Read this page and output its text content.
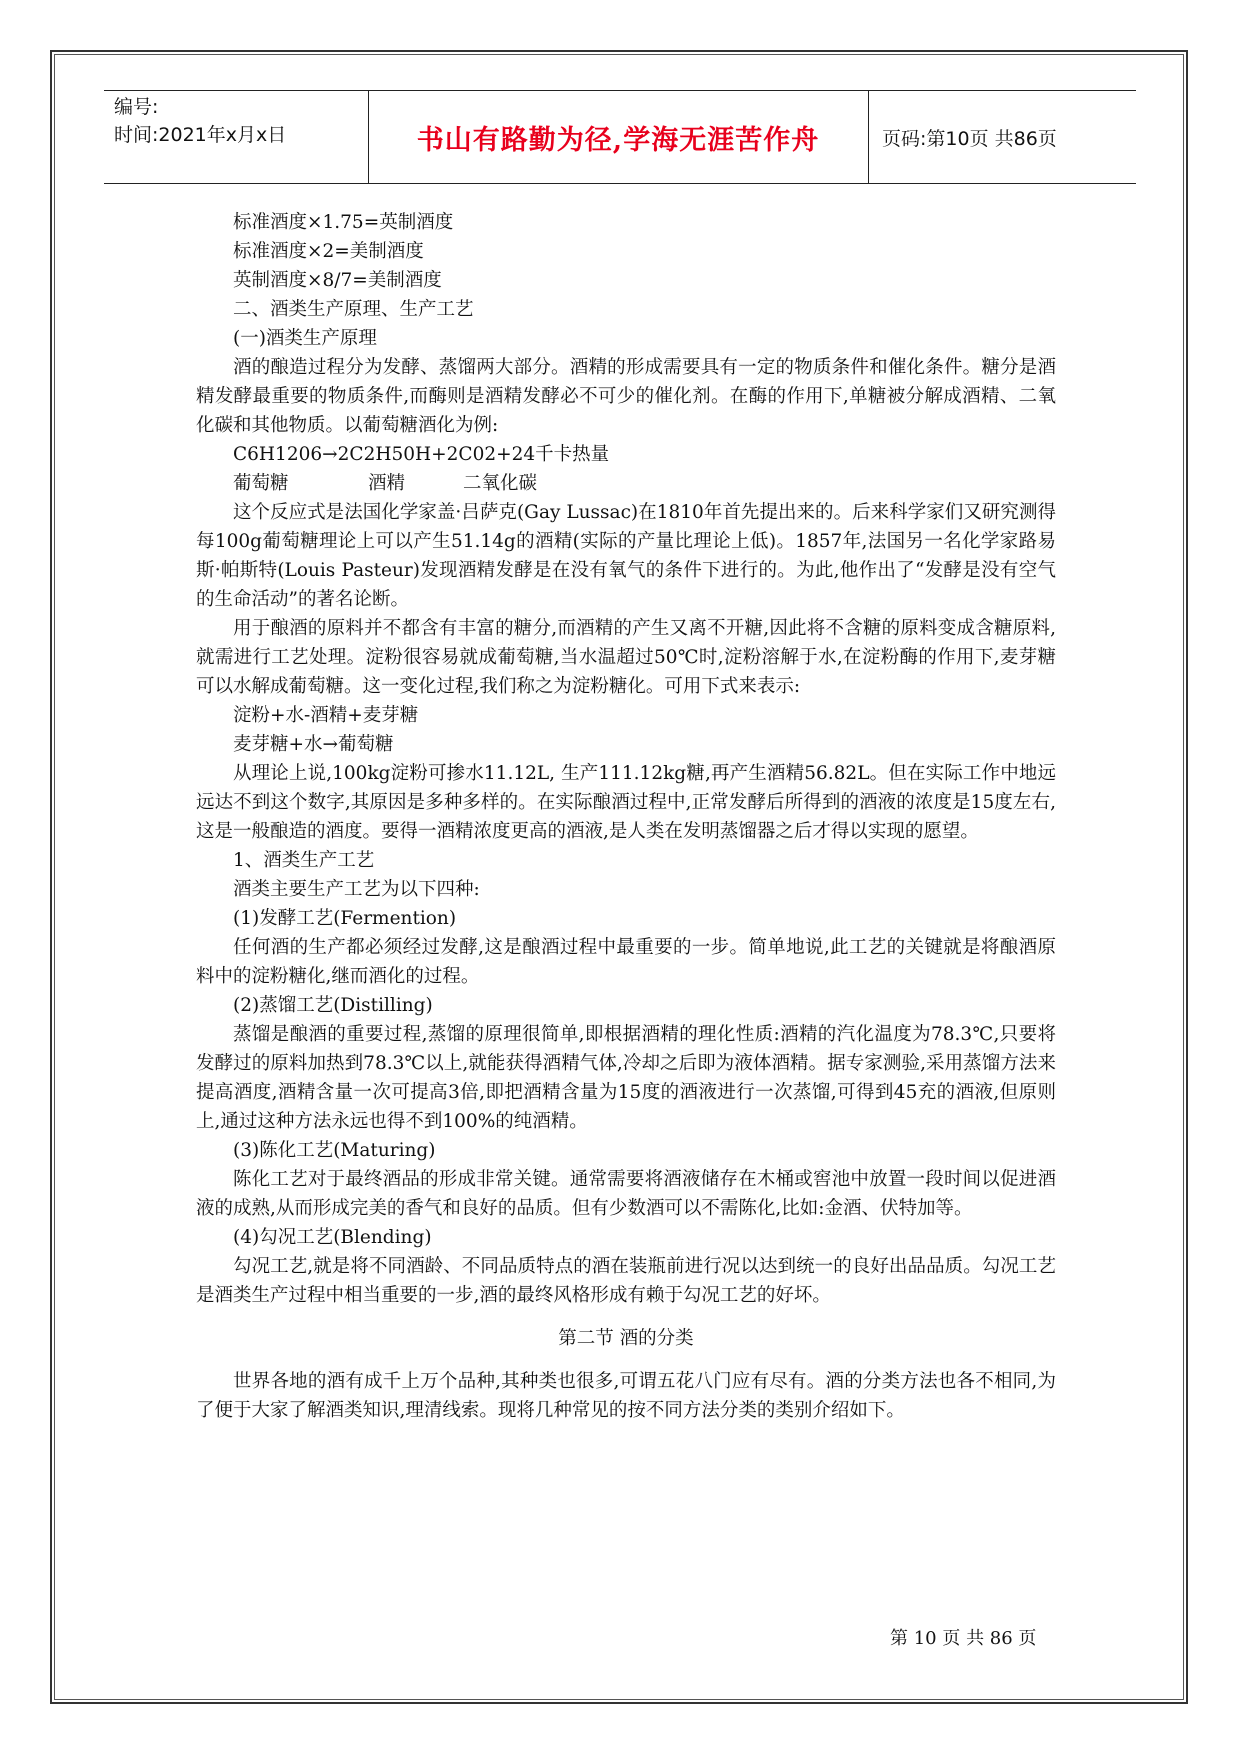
编号:
时间:2021年x月x日	书山有路勤为径,学海无涯苦作舟	页码:第10页 共86页

标准酒度×1.75=英制酒度

标准酒度×2=美制酒度

英制酒度×8/7=美制酒度

二、酒类生产原理、生产工艺

(一)酒类生产原理

酒的酿造过程分为发酵、蒸馏两大部分。酒精的形成需要具有一定的物质条件和催化条件。糖分是酒精发酵最重要的物质条件,而酶则是酒精发酵必不可少的催化剂。在酶的作用下,单糖被分解成酒精、二氧化碳和其他物质。以葡萄糖酒化为例:

C6H1206→2C2H50H+2C02+24千卡热量

葡萄糖	酒精	二氧化碳

这个反应式是法国化学家盖·吕萨克(Gay Lussac)在1810年首先提出来的。后来科学家们又研究测得每100g葡萄糖理论上可以产生51.14g的酒精(实际的产量比理论上低)。1857年,法国另一名化学家路易斯·帕斯特(Louis Pasteur)发现酒精发酵是在没有氧气的条件下进行的。为此,他作出了“发酵是没有空气的生命活动”的著名论断。

用于酿酒的原料并不都含有丰富的糖分,而酒精的产生又离不开糖,因此将不含糖的原料变成含糖原料,就需进行工艺处理。淀粉很容易就成葡萄糖,当水温超过50℃时,淀粉溶解于水,在淀粉酶的作用下,麦芽糖可以水解成葡萄糖。这一变化过程,我们称之为淀粉糖化。可用下式来表示:

淀粉+水-酒精+麦芽糖

麦芽糖+水→葡萄糖

从理论上说,100kg淀粉可掺水11.12L, 生产111.12kg糖,再产生酒精56.82L。但在实际工作中地远远达不到这个数字,其原因是多种多样的。在实际酿酒过程中,正常发酵后所得到的酒液的浓度是15度左右,这是一般酿造的酒度。要得一酒精浓度更高的酒液,是人类在发明蒸馏器之后才得以实现的愿望。

1、酒类生产工艺

酒类主要生产工艺为以下四种:

(1)发酵工艺(Fermention)

任何酒的生产都必须经过发酵,这是酿酒过程中最重要的一步。简单地说,此工艺的关键就是将酿酒原料中的淀粉糖化,继而酒化的过程。

(2)蒸馏工艺(Distilling)

蒸馏是酿酒的重要过程,蒸馏的原理很简单,即根据酒精的理化性质:酒精的汽化温度为78.3℃,只要将发酵过的原料加热到78.3℃以上,就能获得酒精气体,冷却之后即为液体酒精。据专家测验,采用蒸馏方法来提高酒度,酒精含量一次可提高3倍,即把酒精含量为15度的酒液进行一次蒸馏,可得到45充的酒液,但原则上,通过这种方法永远也得不到100%的纯酒精。

(3)陈化工艺(Maturing)

陈化工艺对于最终酒品的形成非常关键。通常需要将酒液储存在木桶或窖池中放置一段时间以促进酒液的成熟,从而形成完美的香气和良好的品质。但有少数酒可以不需陈化,比如:金酒、伏特加等。

(4)勾况工艺(Blending)

勾况工艺,就是将不同酒龄、不同品质特点的酒在装瓶前进行况以达到统一的良好出品品质。勾况工艺是酒类生产过程中相当重要的一步,酒的最终风格形成有赖于勾况工艺的好坏。

第二节 酒的分类

世界各地的酒有成千上万个品种,其种类也很多,可谓五花八门应有尽有。酒的分类方法也各不相同,为了便于大家了解酒类知识,理清线索。现将几种常见的按不同方法分类的类别介绍如下。

第 10 页 共 86 页
